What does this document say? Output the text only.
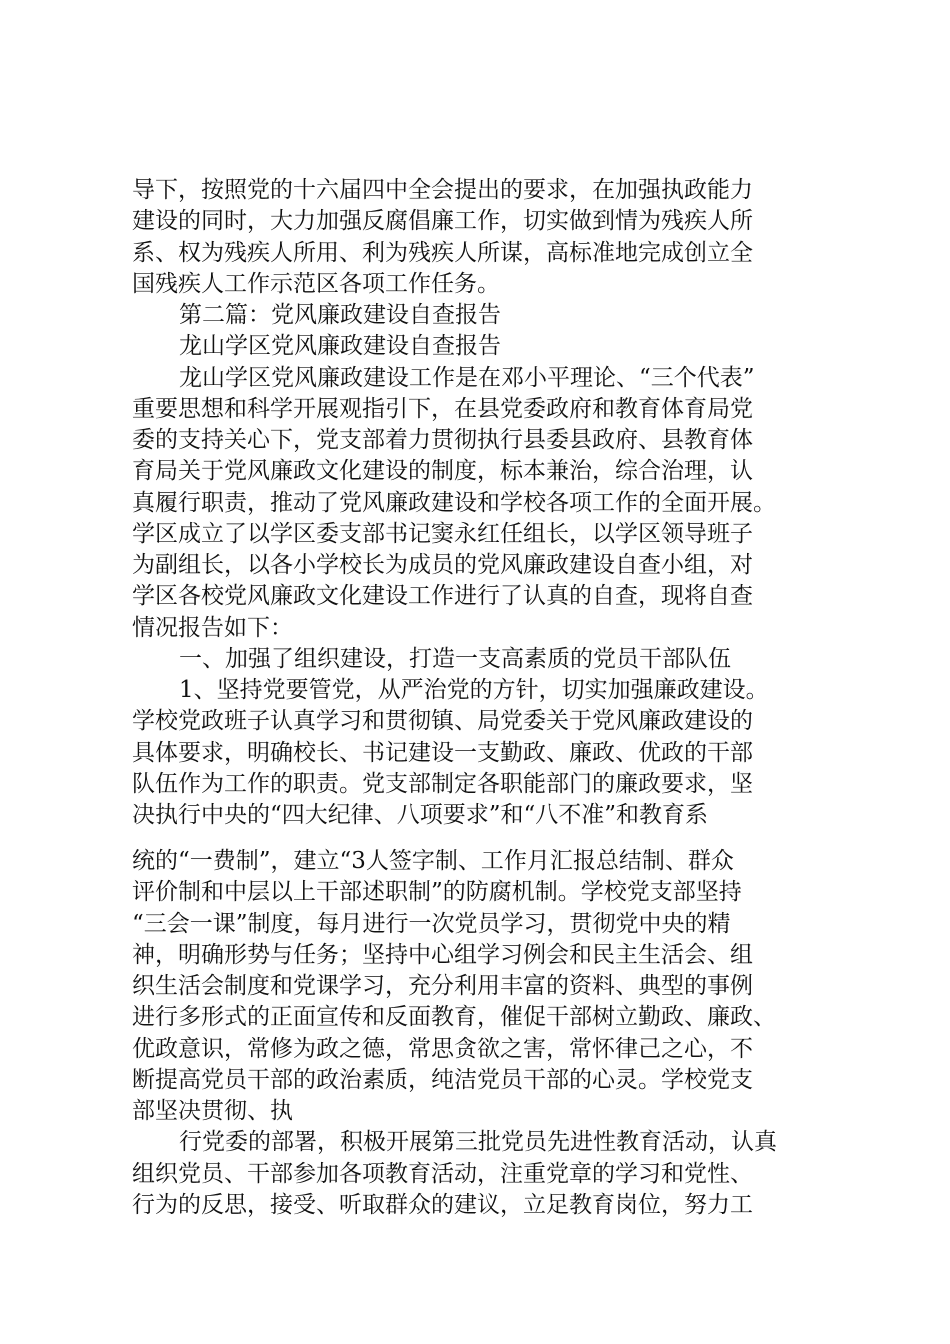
导下，按照党的十六届四中全会提出的要求，在加强执政能力
建设的同时，大力加强反腐倡廉工作，切实做到情为残疾人所
系、权为残疾人所用、利为残疾人所谋，高标准地完成创立全
国残疾人工作示范区各项工作任务。
第二篇：党风廉政建设自查报告
龙山学区党风廉政建设自查报告
龙山学区党风廉政建设工作是在邓小平理论、“三个代表”
重要思想和科学开展观指引下，在县党委政府和教育体育局党
委的支持关心下，党支部着力贯彻执行县委县政府、县教育体
育局关于党风廉政文化建设的制度，标本兼治，综合治理，认
真履行职责，推动了党风廉政建设和学校各项工作的全面开展。
学区成立了以学区委支部书记窦永红任组长，以学区领导班子
为副组长，以各小学校长为成员的党风廉政建设自查小组，对
学区各校党风廉政文化建设工作进行了认真的自查，现将自查
情况报告如下：
一、加强了组织建设，打造一支高素质的党员干部队伍
1、坚持党要管党，从严治党的方针，切实加强廉政建设。
学校党政班子认真学习和贯彻镇、局党委关于党风廉政建设的
具体要求，明确校长、书记建设一支勤政、廉政、优政的干部
队伍作为工作的职责。党支部制定各职能部门的廉政要求，坚
决执行中央的“四大纪律、八项要求”和“八不准”和教育系
统的“一费制”，建立“3人签字制、工作月汇报总结制、群众
评价制和中层以上干部述职制”的防腐机制。学校党支部坚持
“三会一课”制度，每月进行一次党员学习，贯彻党中央的精
神，明确形势与任务；坚持中心组学习例会和民主生活会、组
织生活会制度和党课学习，充分利用丰富的资料、典型的事例
进行多形式的正面宣传和反面教育，催促干部树立勤政、廉政、
优政意识，常修为政之德，常思贪欲之害，常怀律己之心，不
断提高党员干部的政治素质，纯洁党员干部的心灵。学校党支
部坚决贯彻、执
行党委的部署，积极开展第三批党员先进性教育活动，认真
组织党员、干部参加各项教育活动，注重党章的学习和党性、
行为的反思，接受、听取群众的建议，立足教育岗位，努力工
